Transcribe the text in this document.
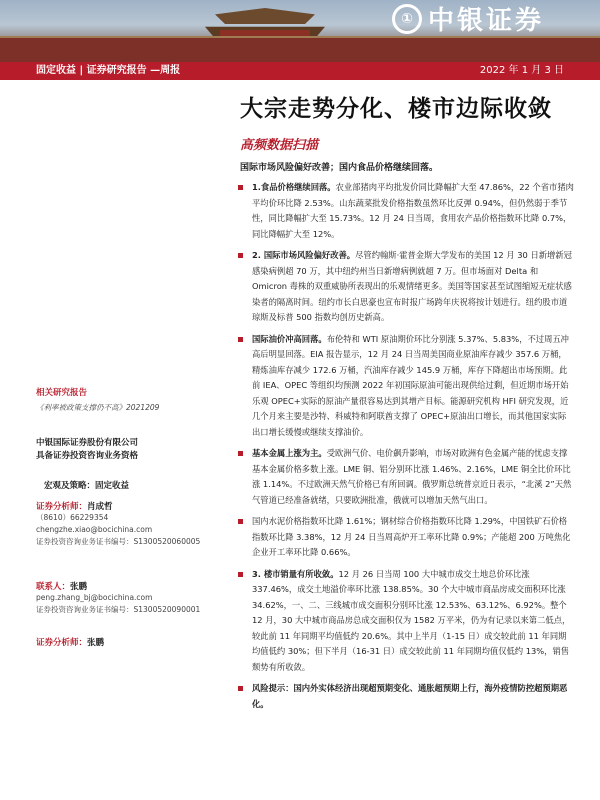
① 中银证券
固定收益 | 证券研究报告 —周报	2022 年 1 月 3 日
大宗走势分化、楼市边际收敛
高频数据扫描
国际市场风险偏好改善；国内食品价格继续回落。
1.食品价格继续回落。农业部猪肉平均批发价同比降幅扩大至 47.86%，22 个省市猪肉平均价环比降 2.53%。山东蔬菜批发价格指数虽然环比反弹 0.94%，但仍然弱于季节性，同比降幅扩大至 15.73%。12 月 24 日当周，食用农产品价格指数环比降 0.7%，同比降幅扩大至 12%。
2. 国际市场风险偏好改善。尽管约翰斯·霍普金斯大学发布的美国 12 月 30 日新增新冠感染病例超 70 万，其中纽约州当日新增病例就超 7 万。但市场面对 Delta 和 Omicron 毒株的双重威胁所表现出的乐观情绪更多。美国等国家甚至试图缩短无症状感染者的隔离时间。纽约市长白思豪也宣布时报广场跨年庆祝将按计划进行。纽约股市道琼斯及标普 500 指数均创历史新高。
国际油价冲高回落。布伦特和 WTI 原油期价环比分别涨 5.37%、5.83%，不过周五冲高后明显回落。EIA 报告显示，12 月 24 日当周美国商业原油库存减少 357.6 万桶，精炼油库存减少 172.6 万桶，汽油库存减少 145.9 万桶，库存下降超出市场预期。此前 IEA、OPEC 等组织均预测 2022 年初国际原油可能出现供给过剩，但近期市场开始乐观 OPEC+实际的原油产量很容易达到其增产目标。能源研究机构 HFI 研究发现，近几个月来主要是沙特、科威特和阿联酋支撑了 OPEC+原油出口增长，而其他国家实际出口增长缓慢或继续支撑油价。
基本金属上涨为主。受欧洲气价、电价飙升影响，市场对欧洲有色金属产能的忧虑支撑基本金属价格多数上涨。LME 铜、铝分别环比涨 1.46%、2.16%，LME 铜全比价环比涨 1.14%。不过欧洲天然气价格已有所回调。俄罗斯总统普京近日表示，“北溪 2”天然气管道已经准备就绪，只要欧洲批准，俄就可以增加天然气出口。
国内水泥价格指数环比降 1.61%；钢材综合价格指数环比降 1.29%，中国铁矿石价格指数环比降 3.38%，12 月 24 日当周高炉开工率环比降 0.9%；产能超 200 万吨焦化企业开工率环比降 0.66%。
3. 楼市销量有所收敛。12 月 26 日当周 100 大中城市成交土地总价环比涨 337.46%，成交土地溢价率环比涨 138.85%。30 个大中城市商品房成交面积环比涨 34.62%，一、二、三线城市成交面积分别环比涨 12.53%、63.12%、6.92%。整个 12 月，30 大中城市商品房总成交面积仅为 1582 万平米，仍为有记录以来第二低点，较此前 11 年同期平均值低约 20.6%。其中上半月（1-15 日）成交较此前 11 年同期均值低约 30%；但下半月（16-31 日）成交较此前 11 年同期均值仅低约 13%，销售颓势有所收敛。
风险提示：国内外实体经济出现超预期变化、通胀超预期上行，海外疫情防控超预期恶化。
相关研究报告
《利率被政策支撑仍不高》2021209
中银国际证券股份有限公司
具备证券投资咨询业务资格
宏观及策略：固定收益
证券分析师：肖成哲
（8610）66229354
chengzhe.xiao@bocichina.com
证券投资咨询业务证书编号：S1300520060005
联系人：张鹏
peng.zhang_bj@bocichina.com
证券投资咨询业务证书编号：S1300520090001
证券分析师：张鹏
